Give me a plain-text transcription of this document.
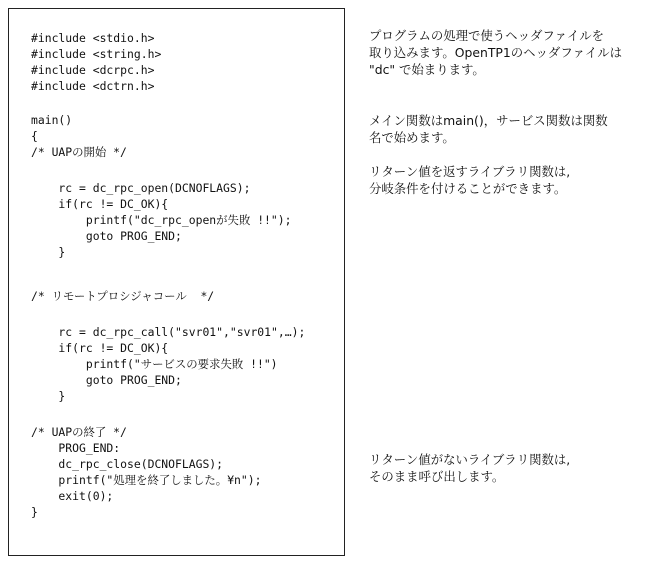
#include <stdio.h>
#include <string.h>
#include <dcrpc.h>
#include <dctrn.h>
main()
{
/* UAPの開始 */
rc = dc_rpc_open(DCNOFLAGS);
if(rc != DC_OK){
printf("dc_rpc_openが失敗 !!");
goto PROG_END;
}
/* リモートプロシジャコール  */
rc = dc_rpc_call("svr01","svr01",…);
if(rc != DC_OK){
printf("サービスの要求失敗 !!")
goto PROG_END;
}
/* UAPの終了 */
PROG_END:
dc_rpc_close(DCNOFLAGS);
printf("処理を終了しました。¥n");
exit(0);
}
プログラムの処理で使うヘッダファイルを
取り込みます。OpenTP1のヘッダファイルは
"dc" で始まります。
メイン関数はmain()，サービス関数は関数
名で始めます。
リターン値を返すライブラリ関数は,
分岐条件を付けることができます。
リターン値がないライブラリ関数は,
そのまま呼び出します。
